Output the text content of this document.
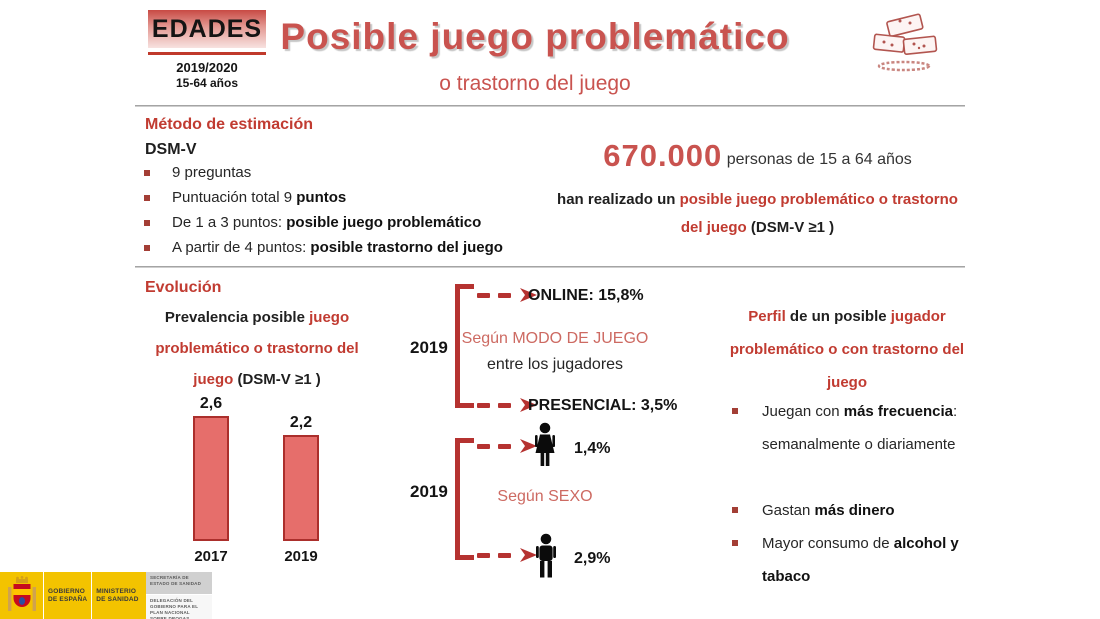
EDADES
2019/2020
15-64 años
Posible juego problemático
o trastorno del juego
Método de estimación
DSM-V
9 preguntas
Puntuación total 9 puntos
De 1 a 3 puntos: posible juego problemático
A partir de 4 puntos: posible trastorno del juego
670.000 personas de 15 a 64 años
han realizado un posible juego problemático o trastorno
del juego (DSM-V ≥1 )
Evolución
Prevalencia posible juego problemático o trastorno del juego (DSM-V ≥1 )
2,6
2,2
2017	2019
2019
ONLINE: 15,8%
Según MODO DE JUEGO
entre los jugadores
PRESENCIAL: 3,5%
2019
1,4%
Según SEXO
2,9%
Perfil de un posible jugador problemático o con trastorno del juego
Juegan con más frecuencia: semanalmente o diariamente
Gastan más dinero
Mayor consumo de alcohol y tabaco
GOBIERNO
DE ESPAÑA
MINISTERIO
DE SANIDAD
SECRETARÍA DE ESTADO DE SANIDAD
DELEGACIÓN DEL GOBIERNO PARA EL PLAN NACIONAL SOBRE DROGAS
